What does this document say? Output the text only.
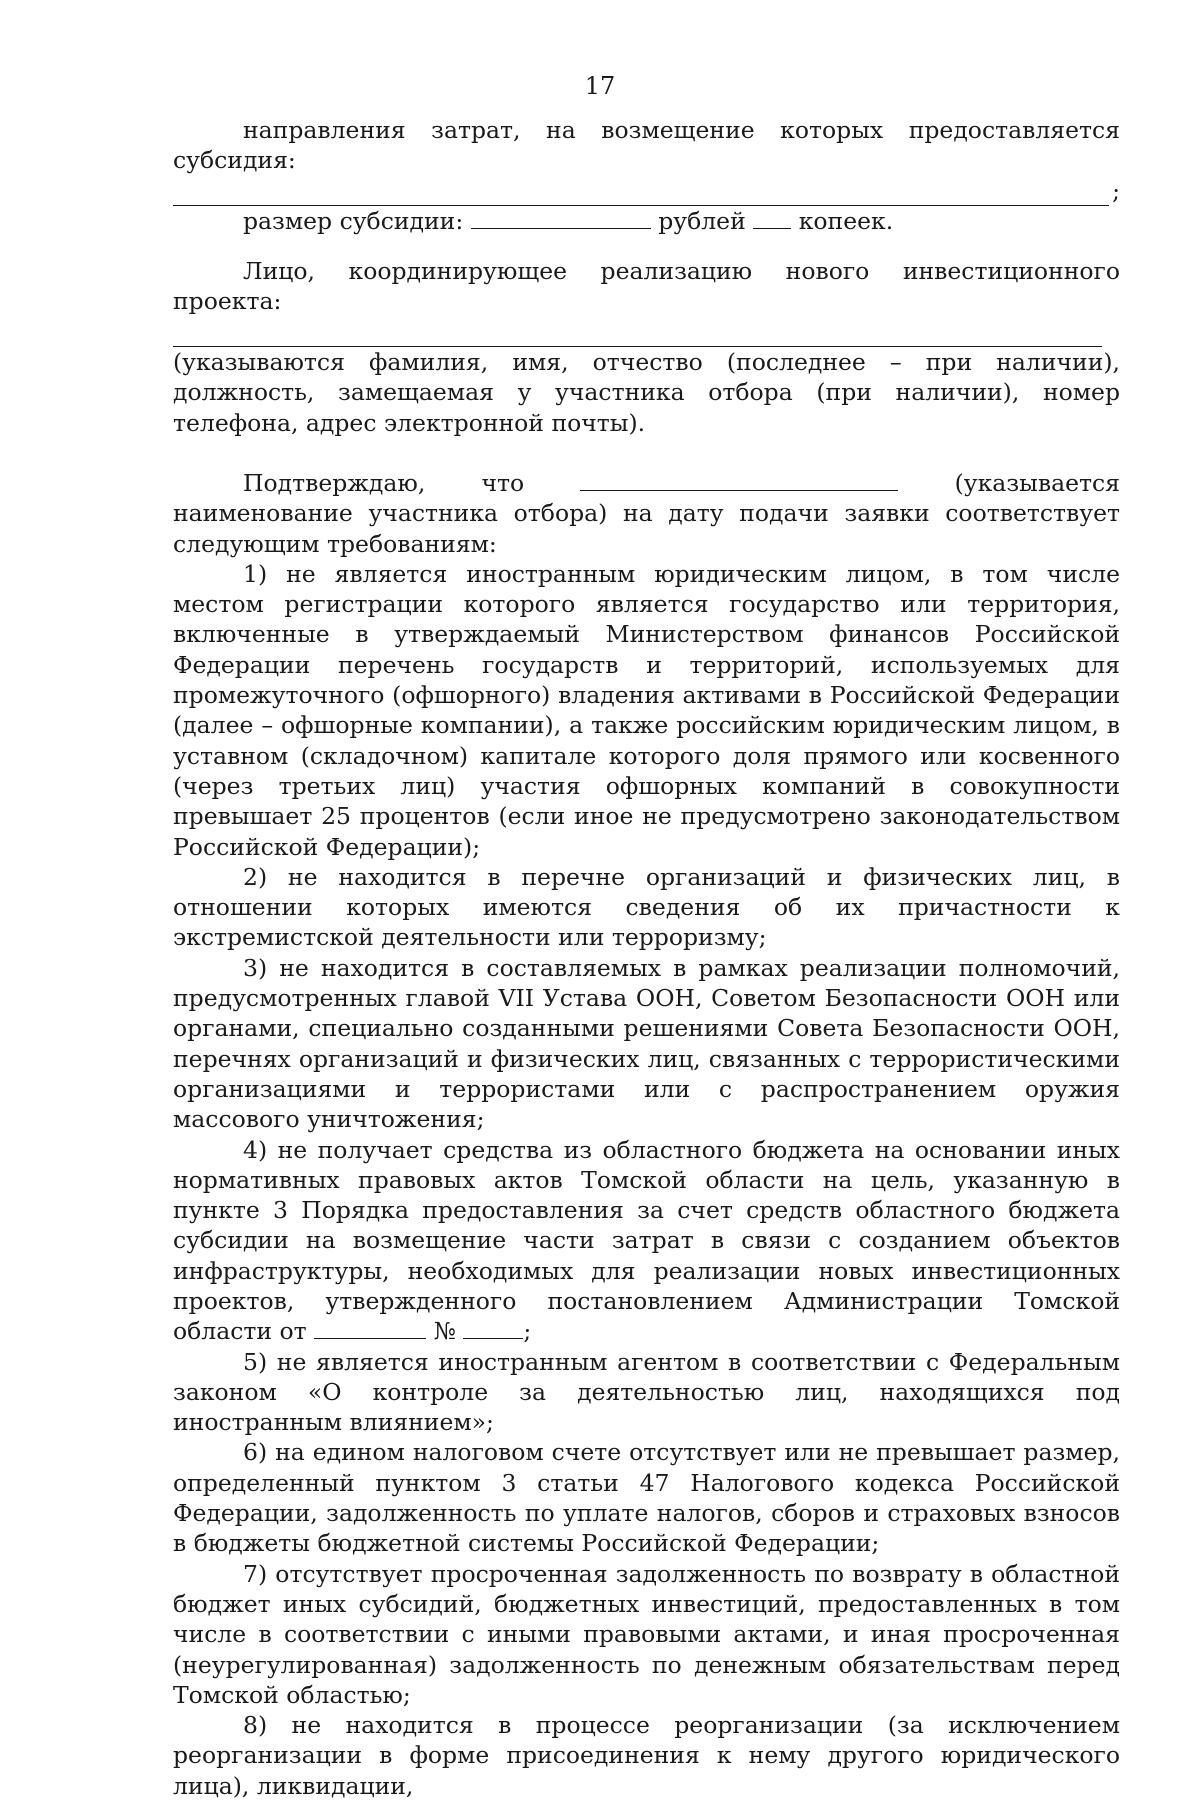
17

направления затрат, на возмещение которых предоставляется субсидия:

;

размер субсидии:	рублей копеек.

Лицо, координирующее реализацию нового инвестиционного проекта:

(указываются фамилия, имя, отчество (последнее – при наличии), должность, замещаемая у участника отбора (при наличии), номер телефона, адрес электронной почты).

Подтверждаю, что	(указывается наименование участника отбора) на дату подачи заявки соответствует следующим требованиям:

1) не является иностранным юридическим лицом, в том числе местом регистрации которого является государство или территория, включенные в утверждаемый Министерством финансов Российской Федерации перечень государств и территорий, используемых для промежуточного (офшорного) владения активами в Российской Федерации (далее – офшорные компании), а также российским юридическим лицом, в уставном (складочном) капитале которого доля прямого или косвенного (через третьих лиц) участия офшорных компаний в совокупности превышает 25 процентов (если иное не предусмотрено законодательством Российской Федерации);

2) не находится в перечне организаций и физических лиц, в отношении которых имеются сведения об их причастности к экстремистской деятельности или терроризму;

3) не находится в составляемых в рамках реализации полномочий, предусмотренных главой VII Устава ООН, Советом Безопасности ООН или органами, специально созданными решениями Совета Безопасности ООН, перечнях организаций и физических лиц, связанных с террористическими организациями и террористами или с распространением оружия массового уничтожения;

4) не получает средства из областного бюджета на основании иных нормативных правовых актов Томской области на цель, указанную в пункте 3 Порядка предоставления за счет средств областного бюджета субсидии на возмещение части затрат в связи с созданием объектов инфраструктуры, необходимых для реализации новых инвестиционных проектов, утвержденного постановлением Администрации Томской области от	№	;

5) не является иностранным агентом в соответствии с Федеральным законом «О контроле за деятельностью лиц, находящихся под иностранным влиянием»;

6) на едином налоговом счете отсутствует или не превышает размер, определенный пунктом 3 статьи 47 Налогового кодекса Российской Федерации, задолженность по уплате налогов, сборов и страховых взносов в бюджеты бюджетной системы Российской Федерации;

7) отсутствует просроченная задолженность по возврату в областной бюджет иных субсидий, бюджетных инвестиций, предоставленных в том числе в соответствии с иными правовыми актами, и иная просроченная (неурегулированная) задолженность по денежным обязательствам перед Томской областью;

8) не находится в процессе реорганизации (за исключением реорганизации в форме присоединения к нему другого юридического лица), ликвидации,
